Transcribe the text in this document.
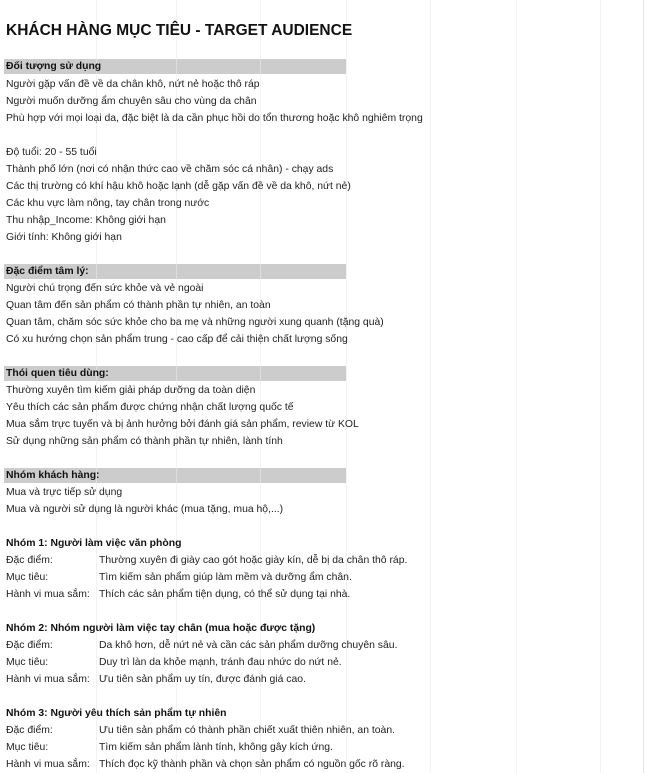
KHÁCH HÀNG MỤC TIÊU - TARGET AUDIENCE
Đối tượng sử dụng
Người gặp vấn đề về da chân khô, nứt nẻ hoặc thô ráp
Người muốn dưỡng ẩm chuyên sâu cho vùng da chân
Phù hợp với mọi loại da, đặc biệt là da cần phục hồi do tổn thương hoặc khô nghiêm trọng
Độ tuổi: 20 - 55 tuổi
Thành phố lớn (nơi có nhận thức cao về chăm sóc cá nhân) - chạy ads
Các thị trường có khí hậu khô hoặc lạnh (dễ gặp vấn đề về da khô, nứt nẻ)
Các khu vực làm nông, tay chân trong nước
Thu nhập_Income: Không giới hạn
Giới tính: Không giới hạn
Đặc điểm tâm lý:
Người chú trọng đến sức khỏe và vẻ ngoài
Quan tâm đến sản phẩm có thành phần tự nhiên, an toàn
Quan tâm, chăm sóc sức khỏe cho ba mẹ và những người xung quanh (tặng quà)
Có xu hướng chọn sản phẩm trung - cao cấp để cải thiện chất lượng sống
Thói quen tiêu dùng:
Thường xuyên tìm kiếm giải pháp dưỡng da toàn diện
Yêu thích các sản phẩm được chứng nhận chất lượng quốc tế
Mua sắm trực tuyến và bị ảnh hưởng bởi đánh giá sản phẩm, review từ KOL
Sử dụng những sản phẩm có thành phần tự nhiên, lành tính
Nhóm khách hàng:
Mua và trực tiếp sử dụng
Mua và người sử dụng là người khác (mua tặng, mua hộ,...)
Nhóm 1: Người làm việc văn phòng
Đặc điểm:	Thường xuyên đi giày cao gót hoặc giày kín, dễ bị da chân thô ráp.
Mục tiêu:	Tìm kiếm sản phẩm giúp làm mềm và dưỡng ẩm chân.
Hành vi mua sắm: Thích các sản phẩm tiện dụng, có thể sử dụng tại nhà.
Nhóm 2: Nhóm người làm việc tay chân (mua hoặc được tặng)
Đặc điểm:	Da khô hơn, dễ nứt nẻ và cần các sản phẩm dưỡng chuyên sâu.
Mục tiêu:	Duy trì làn da khỏe mạnh, tránh đau nhức do nứt nẻ.
Hành vi mua sắm: Ưu tiên sản phẩm uy tín, được đánh giá cao.
Nhóm 3: Người yêu thích sản phẩm tự nhiên
Đặc điểm:	Ưu tiên sản phẩm có thành phần chiết xuất thiên nhiên, an toàn.
Mục tiêu:	Tìm kiếm sản phẩm lành tính, không gây kích ứng.
Hành vi mua sắm: Thích đọc kỹ thành phần và chọn sản phẩm có nguồn gốc rõ ràng.
